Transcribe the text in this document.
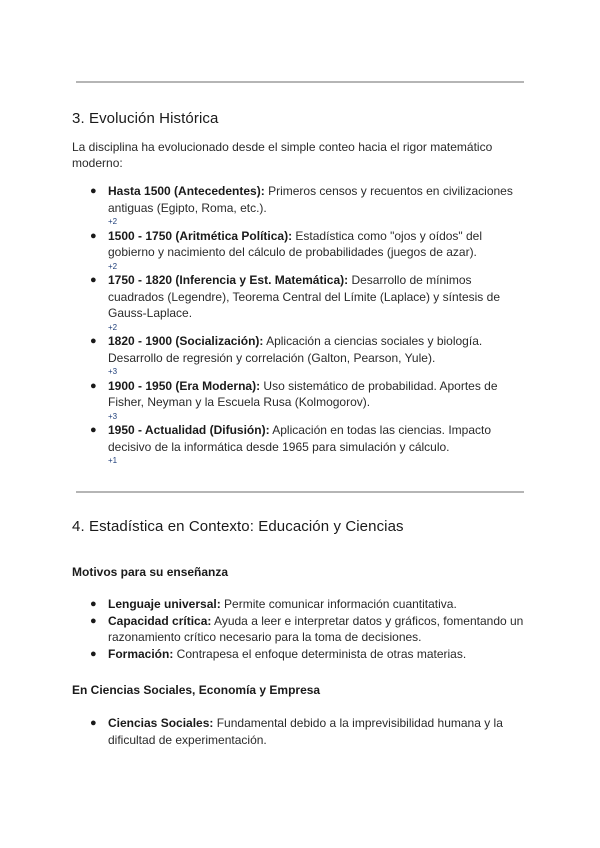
3. Evolución Histórica

La disciplina ha evolucionado desde el simple conteo hacia el rigor matemático moderno:

● Hasta 1500 (Antecedentes): Primeros censos y recuentos en civilizaciones antiguas (Egipto, Roma, etc.).
+2
● 1500 - 1750 (Aritmética Política): Estadística como "ojos y oídos" del gobierno y nacimiento del cálculo de probabilidades (juegos de azar).
+2
● 1750 - 1820 (Inferencia y Est. Matemática): Desarrollo de mínimos cuadrados (Legendre), Teorema Central del Límite (Laplace) y síntesis de Gauss-Laplace.
+2
● 1820 - 1900 (Socialización): Aplicación a ciencias sociales y biología. Desarrollo de regresión y correlación (Galton, Pearson, Yule).
+3
● 1900 - 1950 (Era Moderna): Uso sistemático de probabilidad. Aportes de Fisher, Neyman y la Escuela Rusa (Kolmogorov).
+3
● 1950 - Actualidad (Difusión): Aplicación en todas las ciencias. Impacto decisivo de la informática desde 1965 para simulación y cálculo.
+1
4. Estadística en Contexto: Educación y Ciencias
Motivos para su enseñanza
● Lenguaje universal: Permite comunicar información cuantitativa.
● Capacidad crítica: Ayuda a leer e interpretar datos y gráficos, fomentando un razonamiento crítico necesario para la toma de decisiones.
● Formación: Contrapesa el enfoque determinista de otras materias.
En Ciencias Sociales, Economía y Empresa
● Ciencias Sociales: Fundamental debido a la imprevisibilidad humana y la dificultad de experimentación.
